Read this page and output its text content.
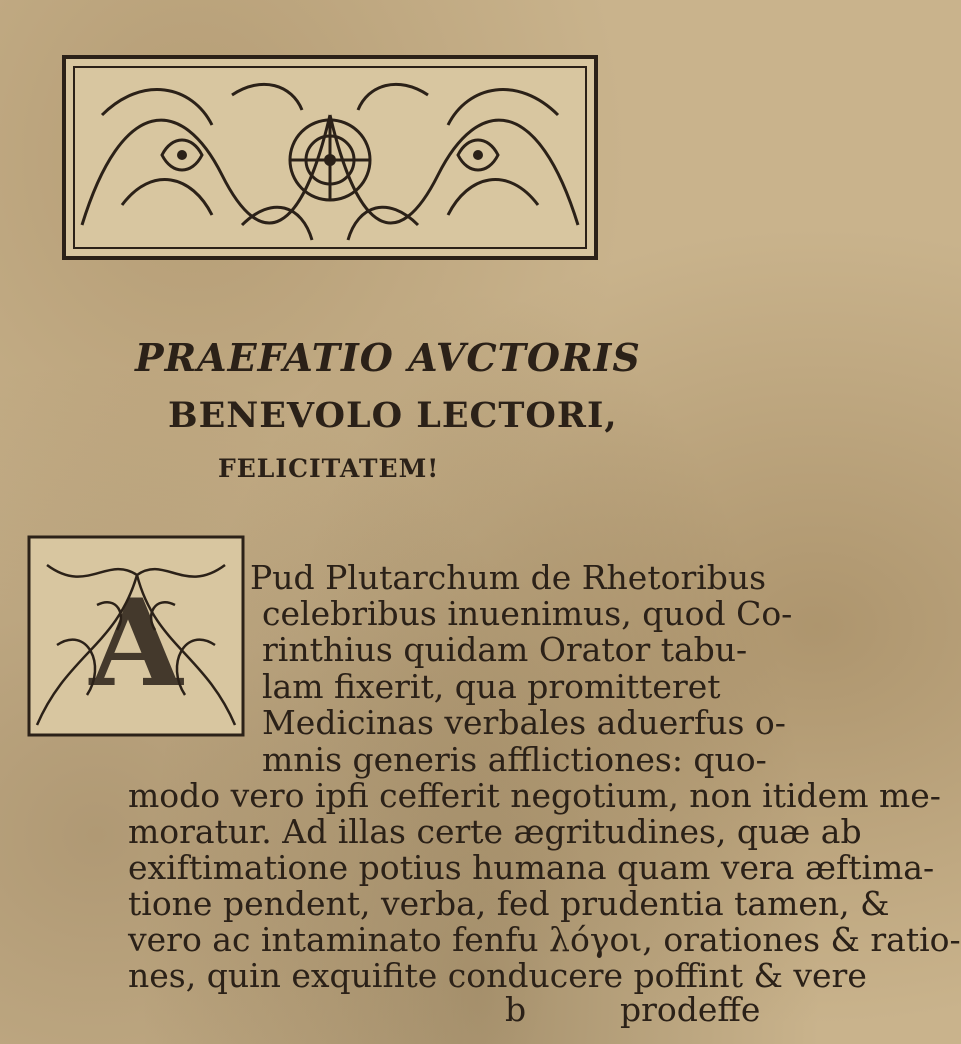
PRAEFATIO AVCTORIS
BENEVOLO LECTORI,
FELICITATEM!
A Pud Plutarchum de Rhetoribus
celebribus inuenimus, quod Co-
rinthius quidam Orator tabu-
lam fixerit, qua promitteret
Medicinas verbales aduerfus o-
mnis generis afflictiones: quo-
modo vero ipfi cefferit negotium, non itidem me-
moratur. Ad illas certe ægritudines, quæ ab
exiftimatione potius humana quam vera æftima-
tione pendent, verba, fed prudentia tamen, &
vero ac intaminato fenfu λόγοι, orationes & ratio-
nes, quin exquifite conducere poffint & vere
b	prodeffe
